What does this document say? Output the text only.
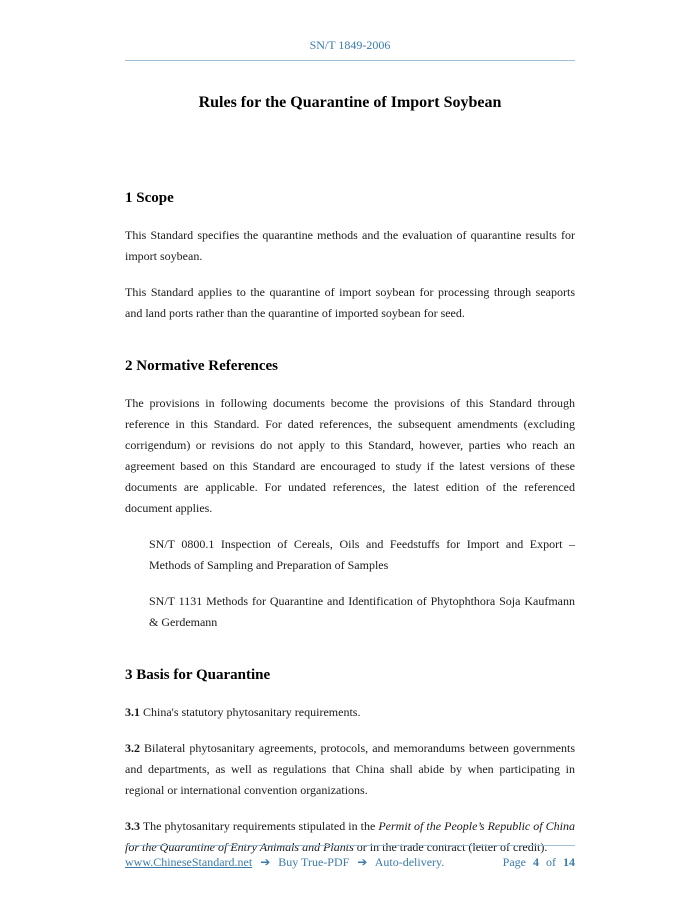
SN/T 1849-2006
Rules for the Quarantine of Import Soybean
1 Scope

This Standard specifies the quarantine methods and the evaluation of quarantine results for import soybean.

This Standard applies to the quarantine of import soybean for processing through seaports and land ports rather than the quarantine of imported soybean for seed.

2 Normative References

The provisions in following documents become the provisions of this Standard through reference in this Standard. For dated references, the subsequent amendments (excluding corrigendum) or revisions do not apply to this Standard, however, parties who reach an agreement based on this Standard are encouraged to study if the latest versions of these documents are applicable. For undated references, the latest edition of the referenced document applies.

SN/T 0800.1 Inspection of Cereals, Oils and Feedstuffs for Import and Export – Methods of Sampling and Preparation of Samples

SN/T 1131 Methods for Quarantine and Identification of Phytophthora Soja Kaufmann & Gerdemann

3 Basis for Quarantine

3.1 China's statutory phytosanitary requirements.

3.2 Bilateral phytosanitary agreements, protocols, and memorandums between governments and departments, as well as regulations that China shall abide by when participating in regional or international convention organizations.

3.3 The phytosanitary requirements stipulated in the Permit of the People’s Republic of China for the Quarantine of Entry Animals and Plants or in the trade contract (letter of credit).

www.ChineseStandard.net ➔ Buy True-PDF ➔ Auto-delivery.	Page 4 of 14
